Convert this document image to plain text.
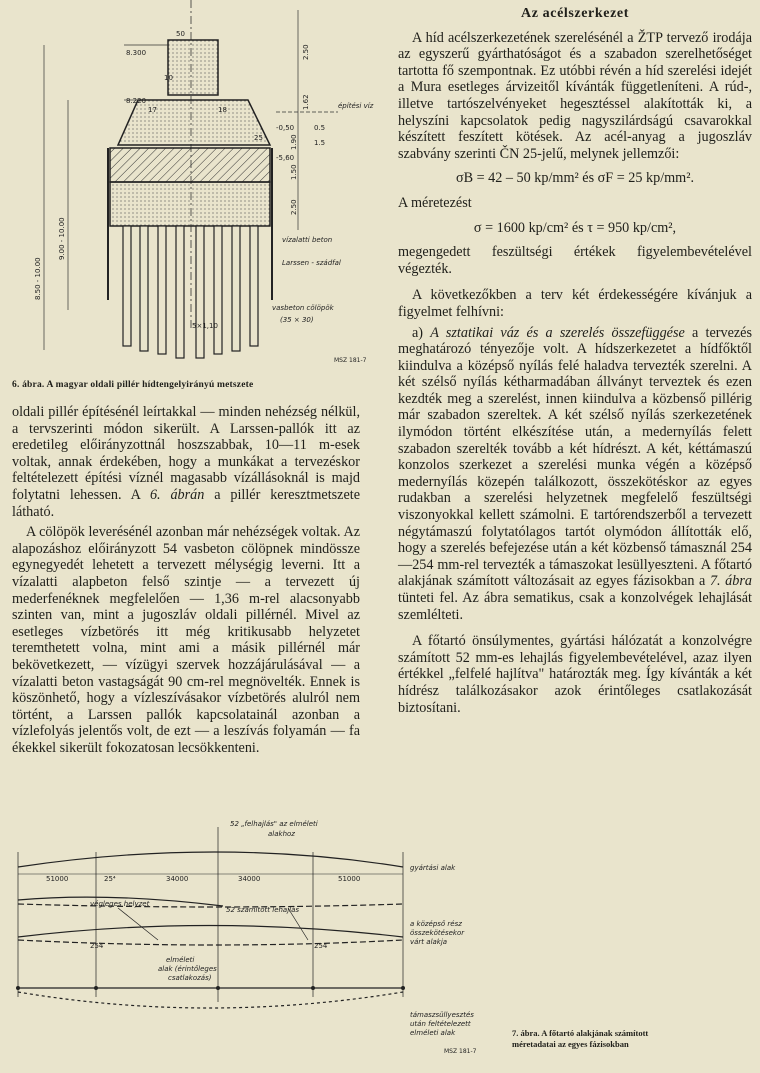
8.300
8.220
-0,50
-5,60
9.00 - 10.00
8.50 - 10.00
50
10
17	18
25
1.50
1.90
2.50
2.50
1.62
0.5
1.5
építési víz
vízalatti beton
Larssen - szádfal
vasbeton cölöpök
(35 × 30)
5×1,10
MSZ 181-7
6. ábra. A magyar oldali pillér hídtengelyirányú metszete

oldali pillér építésénél leírtakkal — minden nehézség nélkül, a tervszerinti módon sikerült. A Larssen-pallók itt az eredetileg előirányzottnál hoszszabbak, 10—11 m-esek voltak, annak érdekében, hogy a munkákat a tervezéskor feltételezett építési víznél magasabb vízállásoknál is majd folytatni lehessen. A 6. ábrán a pillér keresztmetszete látható.

A cölöpök leverésénél azonban már nehézségek voltak. Az alapozáshoz előirányzott 54 vasbeton cölöpnek mindössze egynegyedét lehetett a tervezett mélységig leverni. Itt a vízalatti alapbeton felső szintje — a tervezett új mederfenéknek megfelelően — 1,36 m-rel alacsonyabb szinten van, mint a jugoszláv oldali pillérnél. Mivel az esetleges vízbetörés itt még kritikusabb helyzetet teremthetett volna, mint ami a másik pillérnél már bekövetkezett, — vízügyi szervek hozzájárulásával — a vízalatti beton vastagságát 90 cm-rel megnövelték. Ennek is köszönhető, hogy a vízleszívásakor vízbetörés alulról nem történt, a Larssen pallók kapcsolatainál azonban a vízlefolyás jelentős volt, de ezt — a leszívás folyamán — fa ékekkel sikerült fokozatosan lecsökkenteni.

Az acélszerkezet

A híd acélszerkezetének szerelésénél a ŽTP tervező irodája az egyszerű gyárthatóságot és a szabadon szerelhetőséget tartotta fő szempontnak. Ez utóbbi révén a híd szerelési idejét a Mura esetleges árvizeitől kívánták függetleníteni. A rúd-, illetve tartószelvényeket hegesztéssel alakították ki, a helyszíni kapcsolatok pedig nagyszilárdságú csavarokkal készített feszített kötések. Az acél-anyag a jugoszláv szabvány szerinti ČN 25-jelű, melynek jellemzői:

σB = 42 – 50 kp/mm² és σF = 25 kp/mm².

A méretezést

σ = 1600 kp/cm² és τ = 950 kp/cm²,

megengedett feszültségi értékek figyelembevételével végezték.

A következőkben a terv két érdekességére kívánjuk a figyelmet felhívni:

a) A sztatikai váz és a szerelés összefüggése a tervezés meghatározó tényezője volt. A hídszerkezetet a hídfőktől kiindulva a középső nyílás felé haladva tervezték szerelni. A két szélső nyílás kétharmadában állványt terveztek és ezen kezdték meg a szerelést, innen kiindulva a közbenső pillérig már szabadon szereltek. A két szélső nyílás szerkezetének ilymódon történt elkészítése után, a medernyílás felett szabadon szerelték tovább a két hídrészt. A két, kéttámaszú konzolos szerkezet a szerelési munka végén a középső medernyílás közepén találkozott, összekötéskor az egyes rudakban a szerelési helyzetnek megfelelő feszültségi viszonyokkal kellett számolni. E tartórendszerből a tervezett négytámaszú folytatólagos tartót olymódon állították elő, hogy a szerelés befejezése után a két közbenső támasznál 254—254 mm-rel tervezték a támaszokat lesüllyeszteni. A főtartó alakjának számított változásait az egyes fázisokban a 7. ábra tünteti fel. Az ábra sematikus, csak a konzolvégek lehajlását szemlélteti.

A főtartó önsúlymentes, gyártási hálózatát a konzolvégre számított 52 mm-es lehajlás figyelembevételével, azaz ilyen értékkel „felfelé hajlítva" határozták meg. Így kívánták a két hídrész találkozásakor azok érintőleges csatlakozását biztosítani.

52 „felhajlás" az elméleti
alakhoz
51000	25⁴	34000	34000	51000
gyártási alak
végleges helyzet
52 számított lehajlás
a középső rész
összekötésekor
várt alakja
254	254
elméleti
alak (érintőleges
csatlakozás)
támaszsüllyesztés
után feltételezett
elméleti alak
MSZ 181-7
7. ábra. A főtartó alakjának számított
méretadatai az egyes fázisokban
